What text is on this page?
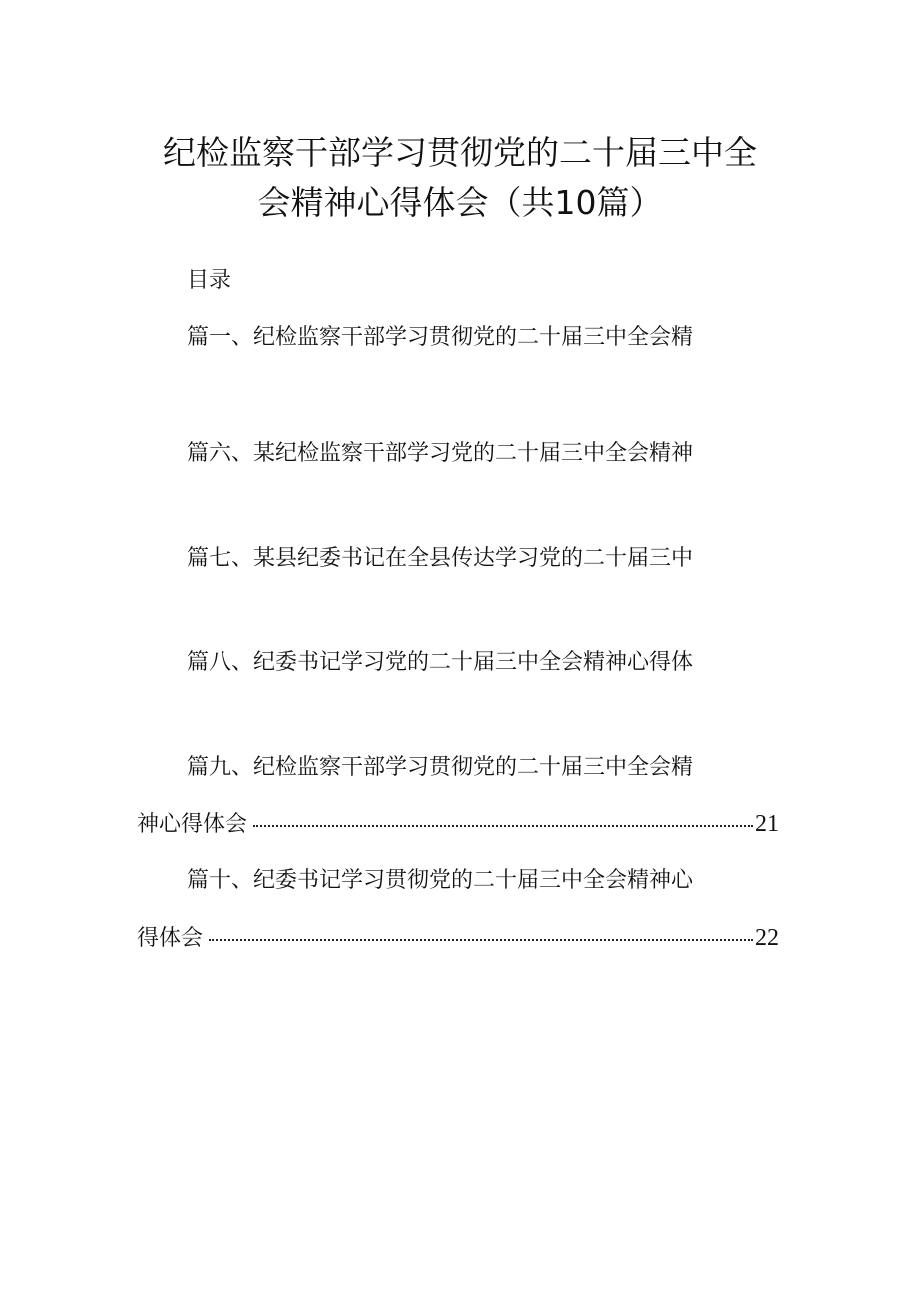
纪检监察干部学习贯彻党的二十届三中全
会精神心得体会（共10篇）
目录
篇一、纪检监察干部学习贯彻党的二十届三中全会精
篇六、某纪检监察干部学习党的二十届三中全会精神
篇七、某县纪委书记在全县传达学习党的二十届三中
篇八、纪委书记学习党的二十届三中全会精神心得体
篇九、纪检监察干部学习贯彻党的二十届三中全会精
神心得体会	21
篇十、纪委书记学习贯彻党的二十届三中全会精神心
得体会	22
